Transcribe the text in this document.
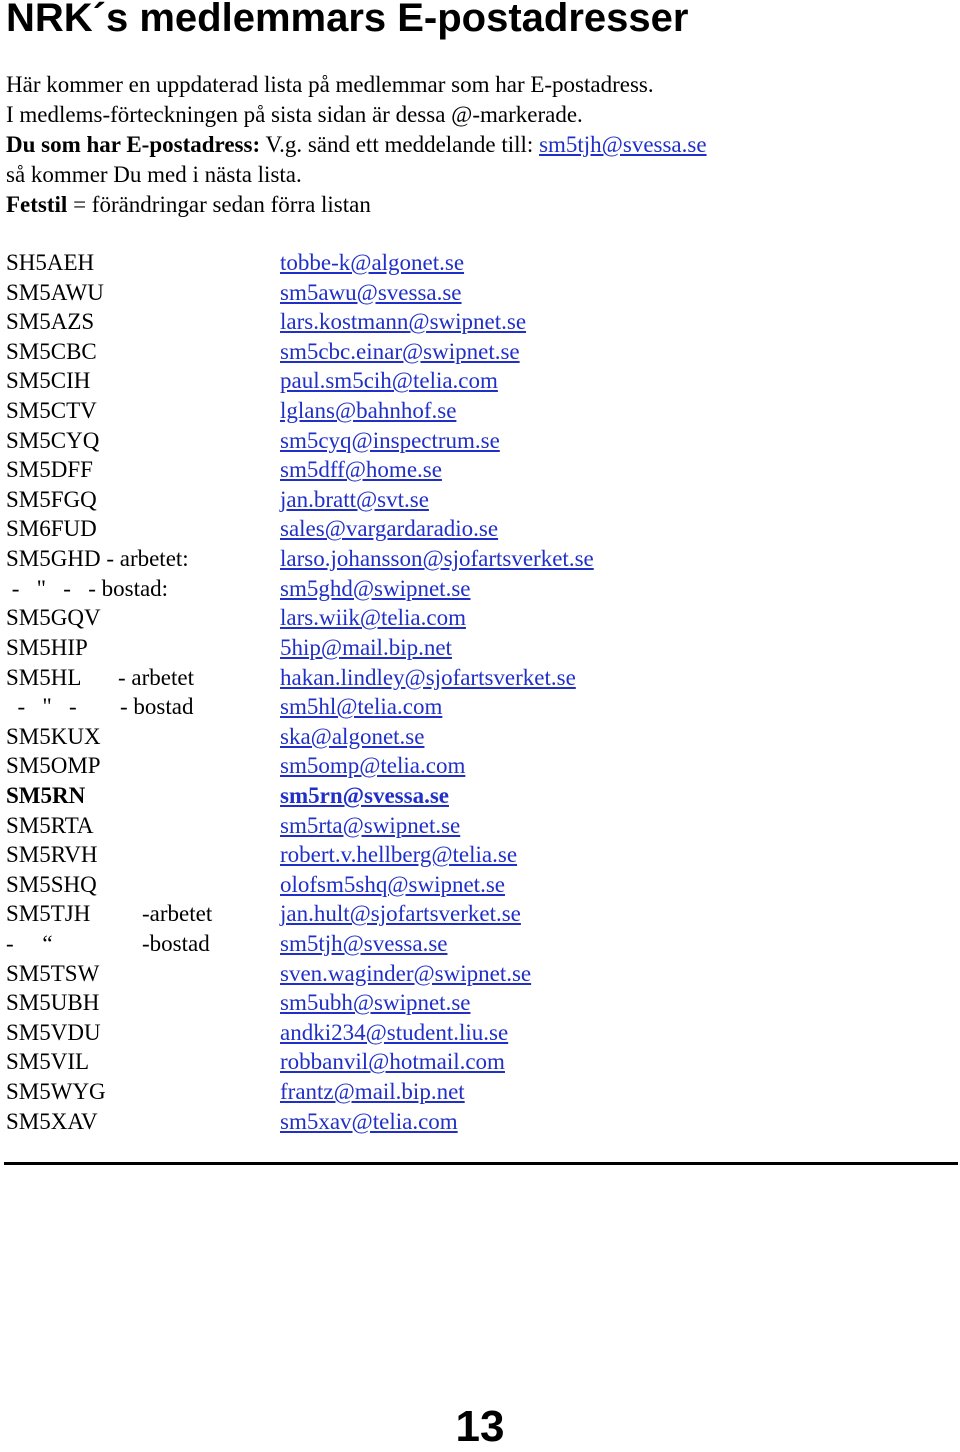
NRK´s medlemmars E-postadresser
Här kommer en uppdaterad lista på medlemmar som har E-postadress.
I medlems-förteckningen på sista sidan är dessa @-markerade.
Du som har E-postadress: V.g. sänd ett meddelande till: sm5tjh@svessa.se
så kommer Du med i nästa lista.
Fetstil = förändringar sedan förra listan
SH5AEH	tobbe-k@algonet.se
SM5AWU	sm5awu@svessa.se
SM5AZS	lars.kostmann@swipnet.se
SM5CBC	sm5cbc.einar@swipnet.se
SM5CIH	paul.sm5cih@telia.com
SM5CTV	lglans@bahnhof.se
SM5CYQ	sm5cyq@inspectrum.se
SM5DFF	sm5dff@home.se
SM5FGQ	jan.bratt@svt.se
SM6FUD	sales@vargardaradio.se
SM5GHD - arbetet:	larso.johansson@sjofartsverket.se
-   "   -   - bostad:	sm5ghd@swipnet.se
SM5GQV	lars.wiik@telia.com
SM5HIP	5hip@mail.bip.net
SM5HL - arbetet	hakan.lindley@sjofartsverket.se
-   "   - - bostad	sm5hl@telia.com
SM5KUX	ska@algonet.se
SM5OMP	sm5omp@telia.com
SM5RN	sm5rn@svessa.se
SM5RTA	sm5rta@swipnet.se
SM5RVH	robert.v.hellberg@telia.se
SM5SHQ	olofsm5shq@swipnet.se
SM5TJH -arbetet	jan.hult@sjofartsverket.se
-     “	-bostad	sm5tjh@svessa.se
SM5TSW	sven.waginder@swipnet.se
SM5UBH	sm5ubh@swipnet.se
SM5VDU	andki234@student.liu.se
SM5VIL	robbanvil@hotmail.com
SM5WYG	frantz@mail.bip.net
SM5XAV	sm5xav@telia.com
13
